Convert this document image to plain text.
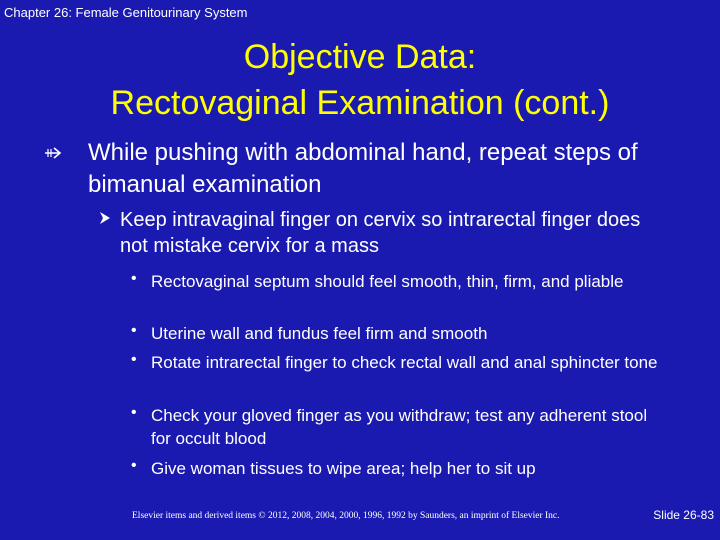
Chapter 26: Female Genitourinary System
Objective Data:
Rectovaginal Examination (cont.)
While pushing with abdominal hand, repeat steps of bimanual examination
Keep intravaginal finger on cervix so intrarectal finger does not mistake cervix for a mass
• Rectovaginal septum should feel smooth, thin, firm, and pliable
• Uterine wall and fundus feel firm and smooth
• Rotate intrarectal finger to check rectal wall and anal sphincter tone
• Check your gloved finger as you withdraw; test any adherent stool for occult blood
• Give woman tissues to wipe area; help her to sit up
Elsevier items and derived items © 2012, 2008, 2004, 2000, 1996, 1992 by Saunders, an imprint of Elsevier Inc.	Slide 26-83
